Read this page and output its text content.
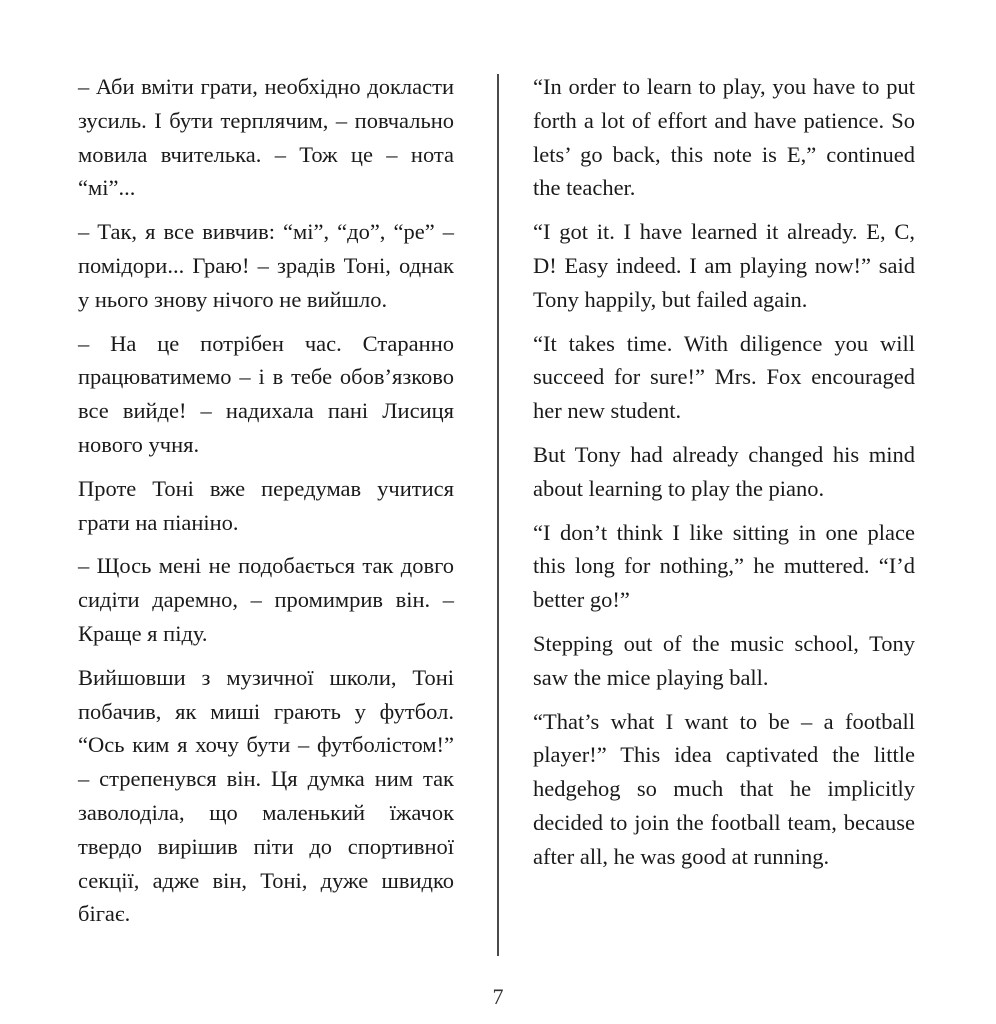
– Аби вміти грати, необхідно докласти зусиль. І бути терплячим, – повчально мовила вчителька. – Тож це – нота “мі”...

– Так, я все вивчив: “мі”, “до”, “ре” – помідори... Граю! – зрадів Тоні, однак у нього знову нічого не вийшло.

– На це потрібен час. Старанно працюватимемо – і в тебе обов’язково все вийде! – надихала пані Лисиця нового учня.

Проте Тоні вже передумав учитися грати на піаніно.

– Щось мені не подобається так довго сидіти даремно, – промимрив він. – Краще я піду.

Вийшовши з музичної школи, Тоні побачив, як миші грають у футбол. “Ось ким я хочу бути – футболістом!” – стрепенувся він. Ця думка ним так заволоділа, що маленький їжачок твердо вирішив піти до спортивної секції, адже він, Тоні, дуже швидко бігає.

“In order to learn to play, you have to put forth a lot of effort and have patience. So lets’ go back, this note is E,” continued the teacher.

“I got it. I have learned it already. E, C, D! Easy indeed. I am playing now!” said Tony happily, but failed again.

“It takes time. With diligence you will succeed for sure!” Mrs. Fox encouraged her new student.

But Tony had already changed his mind about learning to play the piano.

“I don’t think I like sitting in one place this long for nothing,” he muttered. “I’d better go!”

Stepping out of the music school, Tony saw the mice playing ball.

“That’s what I want to be – a football player!” This idea captivated the little hedgehog so much that he implicitly decided to join the football team, because after all, he was good at running.

7
